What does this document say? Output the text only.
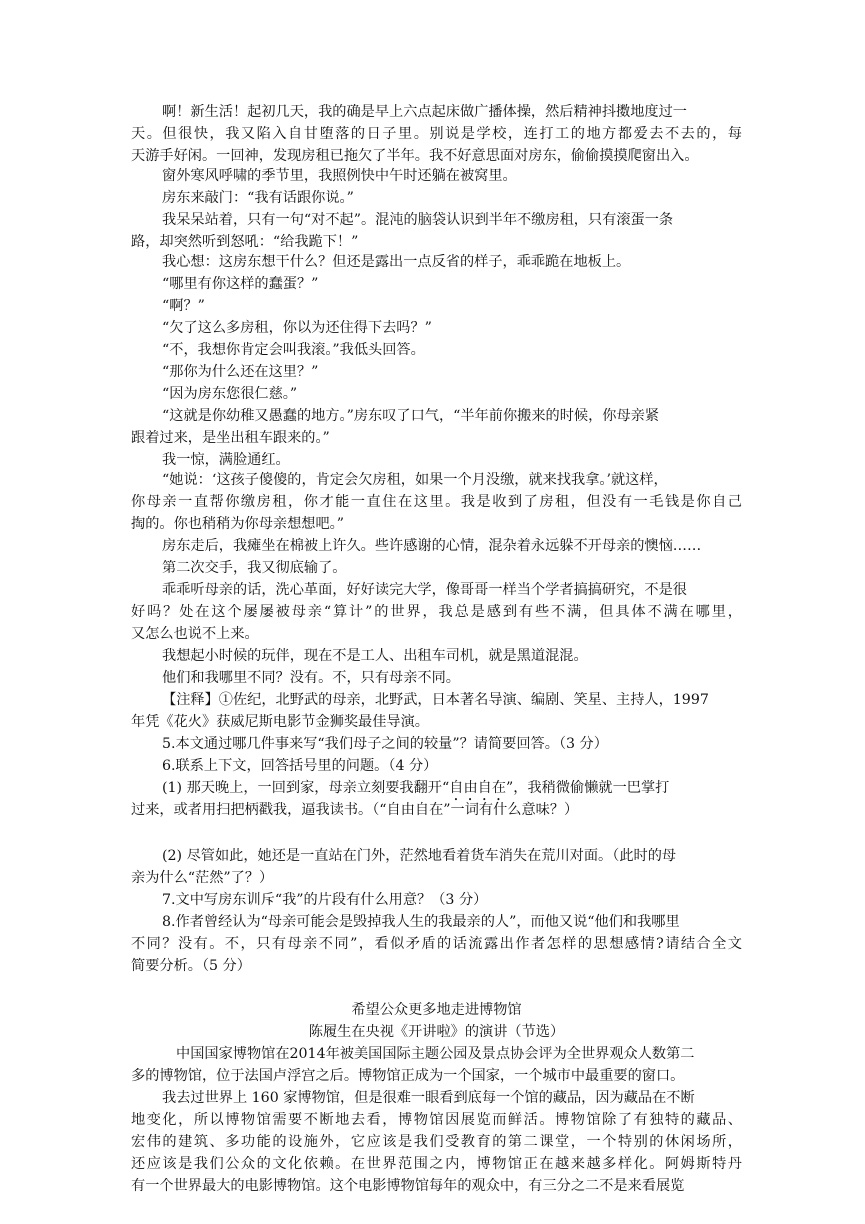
啊！新生活！起初几天，我的确是早上六点起床做广播体操，然后精神抖擞地度过一

天。但很快，我又陷入自甘堕落的日子里。别说是学校，连打工的地方都爱去不去的，每

天游手好闲。一回神，发现房租已拖欠了半年。我不好意思面对房东，偷偷摸摸爬窗出入。

窗外寒风呼啸的季节里，我照例快中午时还躺在被窝里。

房东来敲门：“我有话跟你说。”

我呆呆站着，只有一句“对不起”。混沌的脑袋认识到半年不缴房租，只有滚蛋一条

路，却突然听到怒吼：“给我跪下！”

我心想：这房东想干什么？但还是露出一点反省的样子，乖乖跪在地板上。

“哪里有你这样的蠢蛋？”

“啊？”

“欠了这么多房租，你以为还住得下去吗？”

“不，我想你肯定会叫我滚。”我低头回答。

“那你为什么还在这里？”

“因为房东您很仁慈。”

“这就是你幼稚又愚蠢的地方。”房东叹了口气，“半年前你搬来的时候，你母亲紧

跟着过来，是坐出租车跟来的。”

我一惊，满脸通红。

“她说：‘这孩子傻傻的，肯定会欠房租，如果一个月没缴，就来找我拿。’就这样，

你母亲一直帮你缴房租，你才能一直住在这里。我是收到了房租，但没有一毛钱是你自己

掏的。你也稍稍为你母亲想想吧。”

房东走后，我瘫坐在棉被上许久。些许感谢的心情，混杂着永远躲不开母亲的懊恼……

第二次交手，我又彻底输了。

乖乖听母亲的话，洗心革面，好好读完大学，像哥哥一样当个学者搞搞研究，不是很

好吗？处在这个屡屡被母亲“算计”的世界，我总是感到有些不满，但具体不满在哪里，

又怎么也说不上来。

我想起小时候的玩伴，现在不是工人、出租车司机，就是黑道混混。

他们和我哪里不同？没有。不，只有母亲不同。

【注释】①佐纪，北野武的母亲，北野武，日本著名导演、编剧、笑星、主持人，1997

年凭《花火》获威尼斯电影节金狮奖最佳导演。

5.本文通过哪几件事来写“我们母子之间的较量”？请简要回答。（3 分）

6.联系上下文，回答括号里的问题。（4 分）

(1) 那天晚上，一回到家，母亲立刻要我翻开“自由自在”，我稍微偷懒就一巴掌打

过来，或者用扫把柄戳我，逼我读书。（“自由自在”一词有什么意味？）

(2) 尽管如此，她还是一直站在门外，茫然地看着货车消失在荒川对面。（此时的母

亲为什么“茫然”了？）

7.文中写房东训斥“我”的片段有什么用意？（3 分）

8.作者曾经认为“母亲可能会是毁掉我人生的我最亲的人”，而他又说“他们和我哪里

不同？没有。不，只有母亲不同”，看似矛盾的话流露出作者怎样的思想感情?请结合全文

简要分析。（5 分）

希望公众更多地走进博物馆

陈履生在央视《开讲啦》的演讲（节选）

中国国家博物馆在2014年被美国国际主题公园及景点协会评为全世界观众人数第二

多的博物馆，位于法国卢浮宫之后。博物馆正成为一个国家，一个城市中最重要的窗口。

我去过世界上 160 家博物馆，但是很难一眼看到底每一个馆的藏品，因为藏品在不断

地变化，所以博物馆需要不断地去看，博物馆因展览而鲜活。博物馆除了有独特的藏品、

宏伟的建筑、多功能的设施外，它应该是我们受教育的第二课堂，一个特别的休闲场所，

还应该是我们公众的文化依赖。在世界范围之内，博物馆正在越来越多样化。阿姆斯特丹

有一个世界最大的电影博物馆。这个电影博物馆每年的观众中，有三分之二不是来看展览
